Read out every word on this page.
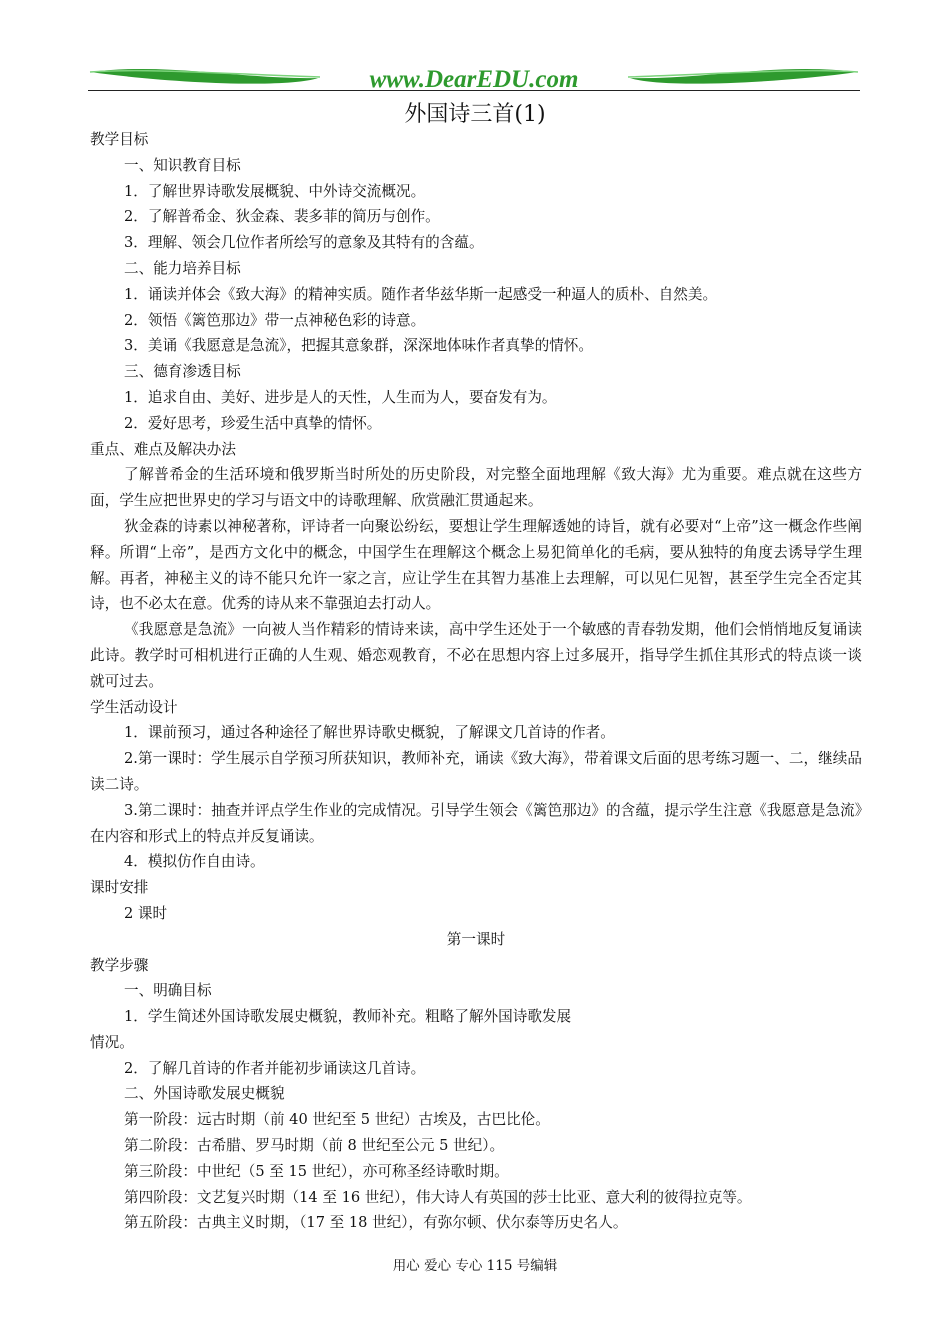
www.DearEDU.com
外国诗三首(1)

教学目标

一、知识教育目标

1．了解世界诗歌发展概貌、中外诗交流概况。

2．了解普希金、狄金森、裴多菲的简历与创作。

3．理解、领会几位作者所绘写的意象及其特有的含蕴。

二、能力培养目标

1．诵读并体会《致大海》的精神实质。随作者华兹华斯一起感受一种逼人的质朴、自然美。

2．领悟《篱笆那边》带一点神秘色彩的诗意。

3．美诵《我愿意是急流》，把握其意象群，深深地体味作者真挚的情怀。

三、德育渗透目标

1．追求自由、美好、进步是人的天性，人生而为人，要奋发有为。

2．爱好思考，珍爱生活中真挚的情怀。

重点、难点及解决办法

了解普希金的生活环境和俄罗斯当时所处的历史阶段，对完整全面地理解《致大海》尤为重要。难点就在这些方面，学生应把世界史的学习与语文中的诗歌理解、欣赏融汇贯通起来。

狄金森的诗素以神秘著称，评诗者一向聚讼纷纭，要想让学生理解透她的诗旨，就有必要对“上帝”这一概念作些阐释。所谓“上帝”，是西方文化中的概念，中国学生在理解这个概念上易犯简单化的毛病，要从独特的角度去诱导学生理解。再者，神秘主义的诗不能只允许一家之言，应让学生在其智力基准上去理解，可以见仁见智，甚至学生完全否定其诗，也不必太在意。优秀的诗从来不靠强迫去打动人。

《我愿意是急流》一向被人当作精彩的情诗来读，高中学生还处于一个敏感的青春勃发期，他们会悄悄地反复诵读此诗。教学时可相机进行正确的人生观、婚恋观教育，不必在思想内容上过多展开，指导学生抓住其形式的特点谈一谈就可过去。

学生活动设计

1．课前预习，通过各种途径了解世界诗歌史概貌，了解课文几首诗的作者。

2.第一课时：学生展示自学预习所获知识，教师补充，诵读《致大海》，带着课文后面的思考练习题一、二，继续品读二诗。

3.第二课时：抽查并评点学生作业的完成情况。引导学生领会《篱笆那边》的含蕴，提示学生注意《我愿意是急流》在内容和形式上的特点并反复诵读。

4．模拟仿作自由诗。

课时安排

2 课时

第一课时

教学步骤

一、明确目标

1．学生简述外国诗歌发展史概貌，教师补充。粗略了解外国诗歌发展

情况。

2．了解几首诗的作者并能初步诵读这几首诗。

二、外国诗歌发展史概貌

第一阶段：远古时期（前 40 世纪至 5 世纪）古埃及，古巴比伦。

第二阶段：古希腊、罗马时期（前 8 世纪至公元 5 世纪）。

第三阶段：中世纪（5 至 15 世纪），亦可称圣经诗歌时期。

第四阶段：文艺复兴时期（14 至 16 世纪），伟大诗人有英国的莎士比亚、意大利的彼得拉克等。

第五阶段：古典主义时期，（17 至 18 世纪），有弥尔顿、伏尔泰等历史名人。

用心 爱心 专心 115 号编辑
